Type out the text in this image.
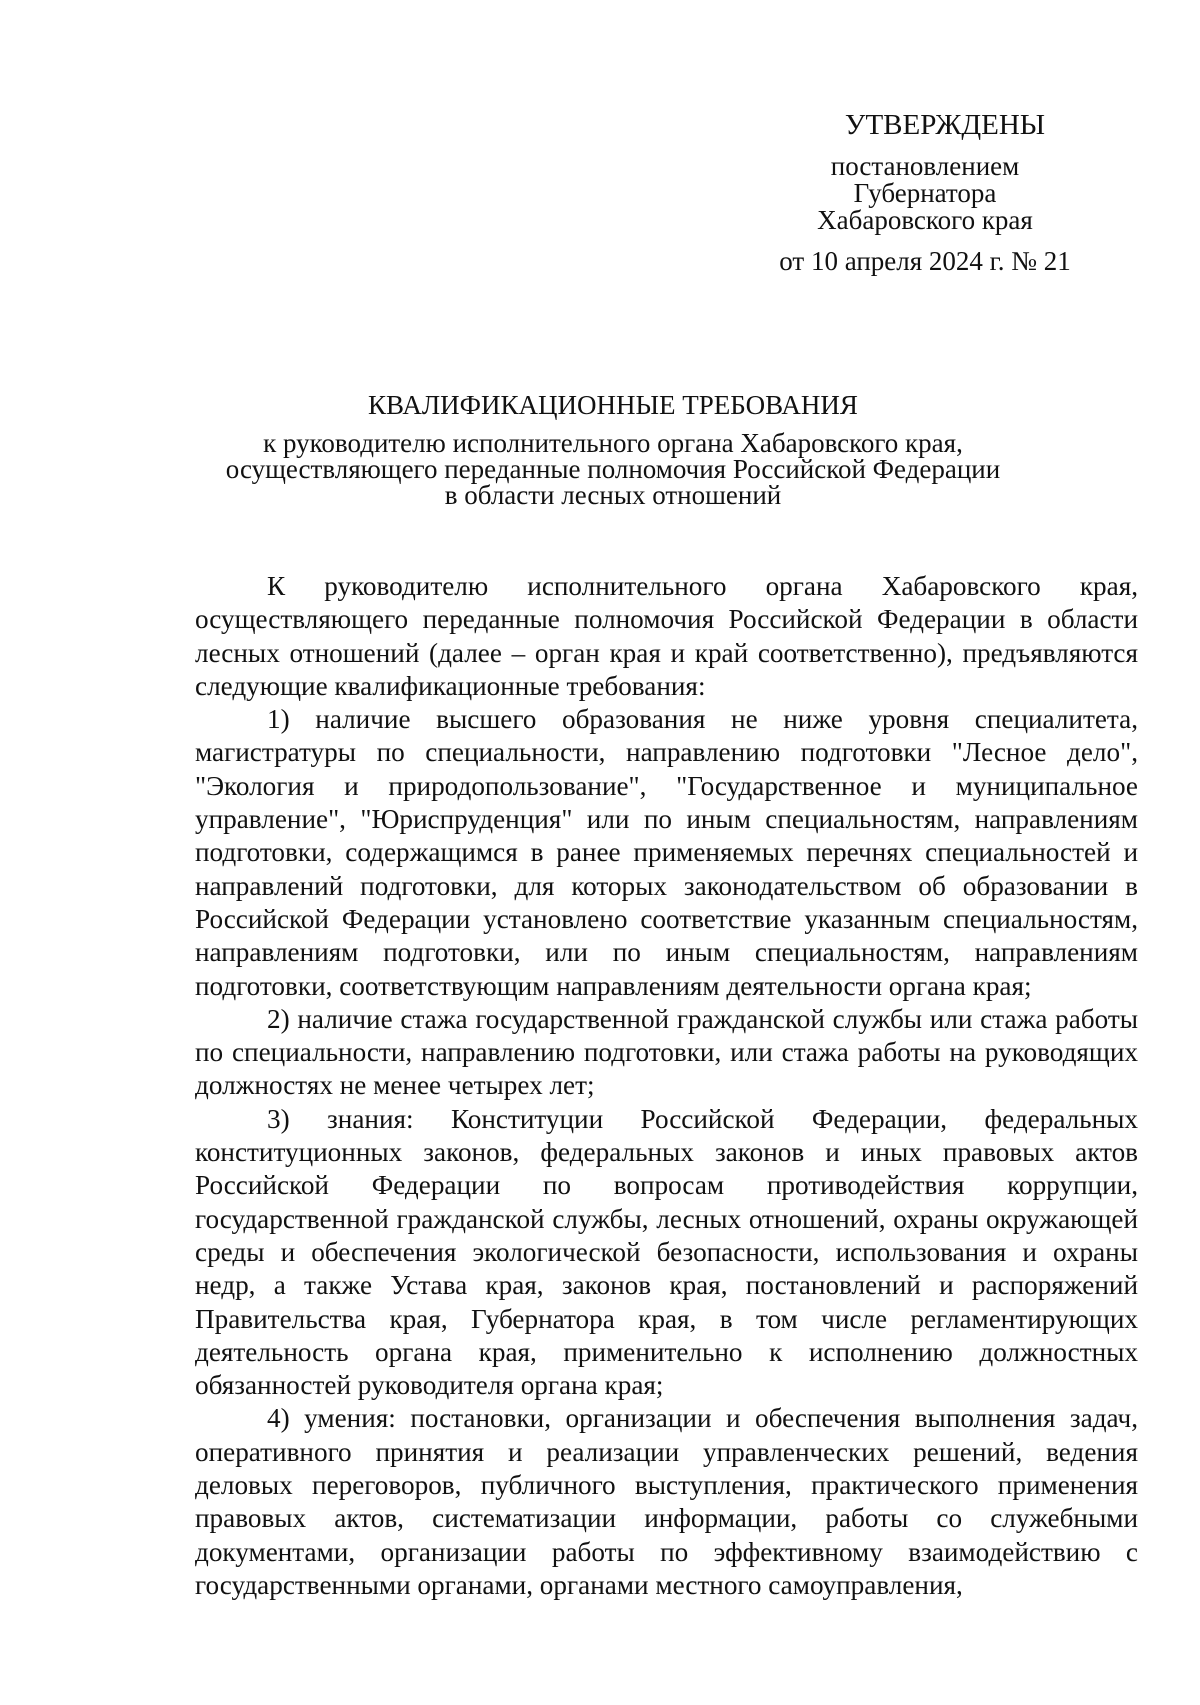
УТВЕРЖДЕНЫ
постановлением
Губернатора
Хабаровского края
от 10 апреля 2024 г. № 21
КВАЛИФИКАЦИОННЫЕ ТРЕБОВАНИЯ
к руководителю исполнительного органа Хабаровского края,
осуществляющего переданные полномочия Российской Федерации
в области лесных отношений

К руководителю исполнительного органа Хабаровского края, осуществляющего переданные полномочия Российской Федерации в области лесных отношений (далее – орган края и край соответственно), предъявляются следующие квалификационные требования:

1) наличие высшего образования не ниже уровня специалитета, магистратуры по специальности, направлению подготовки "Лесное дело", "Экология и природопользование", "Государственное и муниципальное управление", "Юриспруденция" или по иным специальностям, направлениям подготовки, содержащимся в ранее применяемых перечнях специальностей и направлений подготовки, для которых законодательством об образовании в Российской Федерации установлено соответствие указанным специальностям, направлениям подготовки, или по иным специальностям, направлениям подготовки, соответствующим направлениям деятельности органа края;

2) наличие стажа государственной гражданской службы или стажа работы по специальности, направлению подготовки, или стажа работы на руководящих должностях не менее четырех лет;

3) знания: Конституции Российской Федерации, федеральных конституционных законов, федеральных законов и иных правовых актов Российской Федерации по вопросам противодействия коррупции, государственной гражданской службы, лесных отношений, охраны окружающей среды и обеспечения экологической безопасности, использования и охраны недр, а также Устава края, законов края, постановлений и распоряжений Правительства края, Губернатора края, в том числе регламентирующих деятельность органа края, применительно к исполнению должностных обязанностей руководителя органа края;

4) умения: постановки, организации и обеспечения выполнения задач, оперативного принятия и реализации управленческих решений, ведения деловых переговоров, публичного выступления, практического применения правовых актов, систематизации информации, работы со служебными документами, организации работы по эффективному взаимодействию с государственными органами, органами местного самоуправления,
